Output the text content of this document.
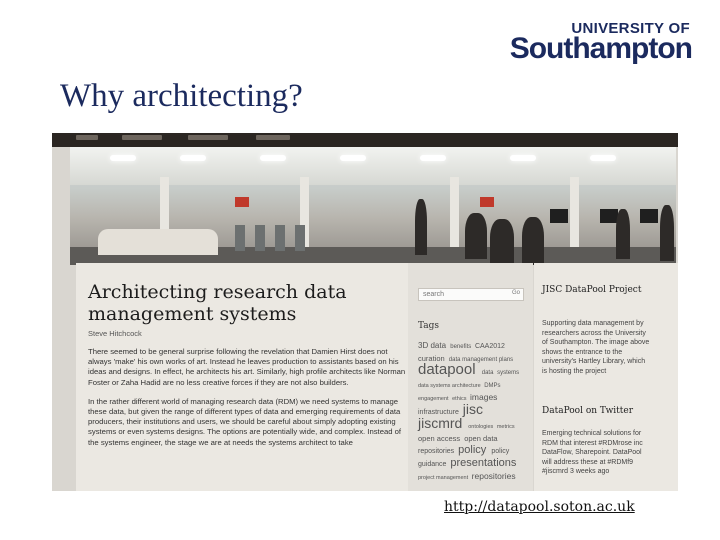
UNIVERSITY OF
Southampton
Why architecting?
Architecting research data management systems
Steve Hitchcock
There seemed to be general surprise following the revelation that Damien Hirst does not always 'make' his own works of art. Instead he leaves production to assistants based on his ideas and designs. In effect, he architects his art. Similarly, high profile architects like Norman Foster or Zaha Hadid are no less creative forces if they are not also builders.
In the rather different world of managing research data (RDM) we need systems to manage these data, but given the range of different types of data and emerging requirements of data producers, their institutions and users, we should be careful about simply adopting existing systems or even systems designs. The options are potentially wide, and complex. Instead of the systems engineer, the stage we are at needs the systems architect to take
search	Go
Tags
3D data benefits CAA2012 curation data management plans datapool data systems data systems architecture DMPs engagement ethics images infrastructure jisc jiscmrd ontologies metrics open access open data repositories policy policy guidance presentations project management repositories
JISC DataPool Project
Supporting data management by researchers across the University of Southampton. The image above shows the entrance to the university's Hartley Library, which is hosting the project
DataPool on Twitter
Emerging technical solutions for RDM that interest #RDMrose inc DataFlow, Sharepoint. DataPool will address these at #RDMf9 #jiscmrd 3 weeks ago
http://datapool.soton.ac.uk
